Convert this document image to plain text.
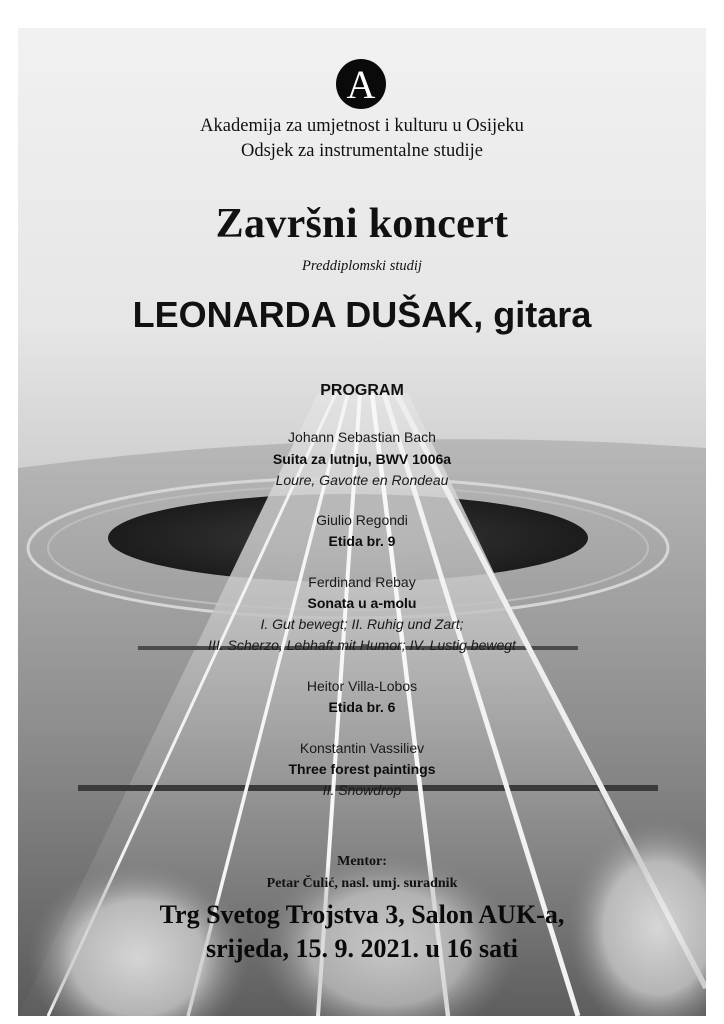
A
Akademija za umjetnost i kulturu u Osijeku
Odsjek za instrumentalne studije
Završni koncert
Preddiplomski studij
LEONARDA DUŠAK, gitara
PROGRAM
Johann Sebastian Bach
Suita za lutnju, BWV 1006a
Loure, Gavotte en Rondeau
Giulio Regondi
Etida br. 9
Ferdinand Rebay
Sonata u a-molu
I. Gut bewegt; II. Ruhig und Zart;
III. Scherzo, Lebhaft mit Humor; IV. Lustig bewegt
Heitor Villa-Lobos
Etida br. 6
Konstantin Vassiliev
Three forest paintings
II. Snowdrop
Mentor:
Petar Čulić, nasl. umj. suradnik
Trg Svetog Trojstva 3, Salon AUK-a,
srijeda, 15. 9. 2021. u 16 sati
